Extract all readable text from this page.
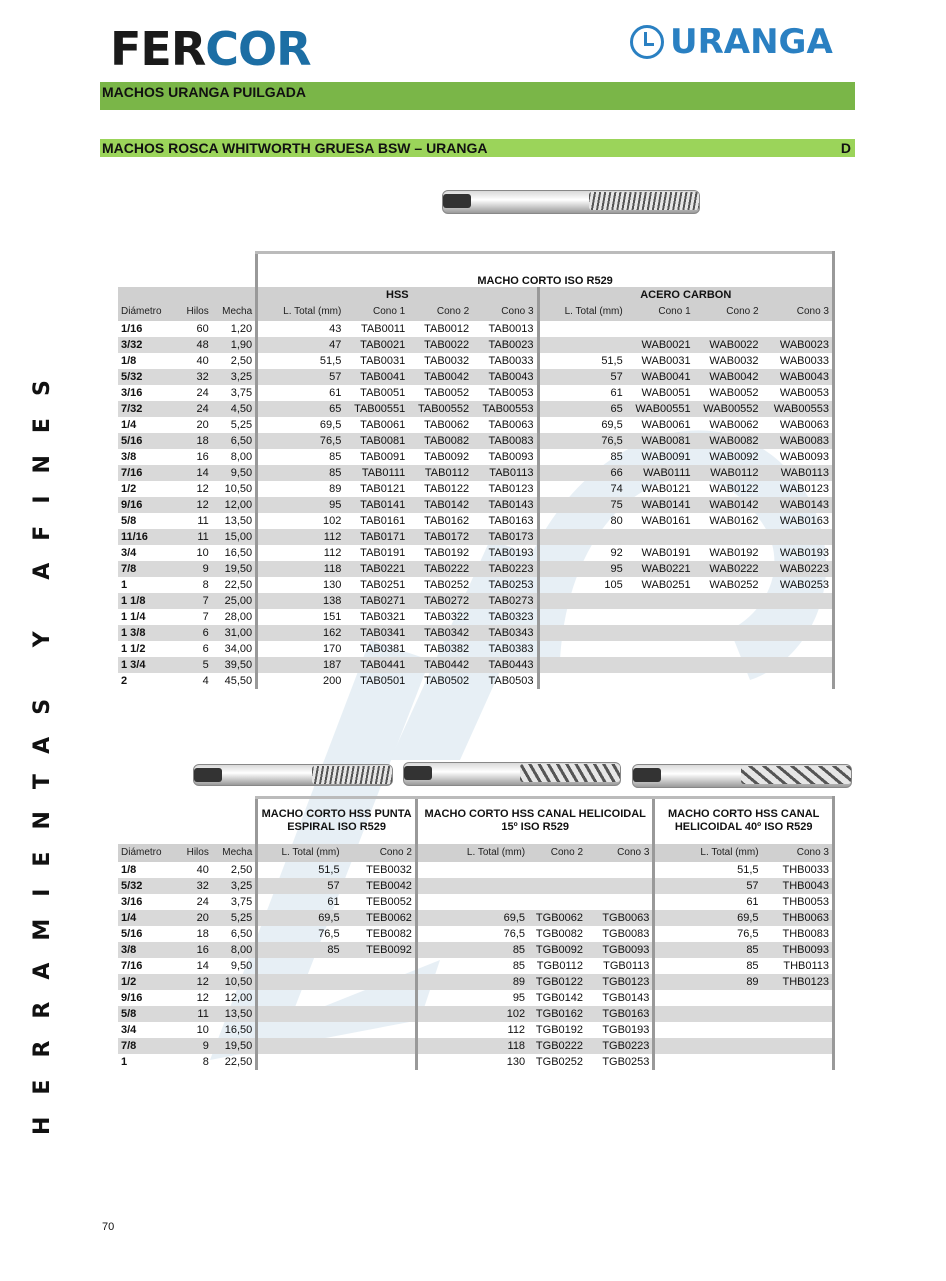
FERCOR	URANGA
MACHOS URANGA PUILGADA
MACHOS ROSCA WHITWORTH GRUESA BSW – URANGA	D
			MACHO CORTO ISO R529							
			HSS				ACERO CARBON			
Diámetro	Hilos	Mecha	L. Total (mm)	Cono 1	Cono 2	Cono 3	L. Total (mm)	Cono 1	Cono 2	Cono 3
1/16	60	1,20	43	TAB0011	TAB0012	TAB0013				
3/32	48	1,90	47	TAB0021	TAB0022	TAB0023		WAB0021	WAB0022	WAB0023
1/8	40	2,50	51,5	TAB0031	TAB0032	TAB0033	51,5	WAB0031	WAB0032	WAB0033
5/32	32	3,25	57	TAB0041	TAB0042	TAB0043	57	WAB0041	WAB0042	WAB0043
3/16	24	3,75	61	TAB0051	TAB0052	TAB0053	61	WAB0051	WAB0052	WAB0053
7/32	24	4,50	65	TAB00551	TAB00552	TAB00553	65	WAB00551	WAB00552	WAB00553
1/4	20	5,25	69,5	TAB0061	TAB0062	TAB0063	69,5	WAB0061	WAB0062	WAB0063
5/16	18	6,50	76,5	TAB0081	TAB0082	TAB0083	76,5	WAB0081	WAB0082	WAB0083
3/8	16	8,00	85	TAB0091	TAB0092	TAB0093	85	WAB0091	WAB0092	WAB0093
7/16	14	9,50	85	TAB0111	TAB0112	TAB0113	66	WAB0111	WAB0112	WAB0113
1/2	12	10,50	89	TAB0121	TAB0122	TAB0123	74	WAB0121	WAB0122	WAB0123
9/16	12	12,00	95	TAB0141	TAB0142	TAB0143	75	WAB0141	WAB0142	WAB0143
5/8	11	13,50	102	TAB0161	TAB0162	TAB0163	80	WAB0161	WAB0162	WAB0163
11/16	11	15,00	112	TAB0171	TAB0172	TAB0173				
3/4	10	16,50	112	TAB0191	TAB0192	TAB0193	92	WAB0191	WAB0192	WAB0193
7/8	9	19,50	118	TAB0221	TAB0222	TAB0223	95	WAB0221	WAB0222	WAB0223
1	8	22,50	130	TAB0251	TAB0252	TAB0253	105	WAB0251	WAB0252	WAB0253
1 1/8	7	25,00	138	TAB0271	TAB0272	TAB0273				
1 1/4	7	28,00	151	TAB0321	TAB0322	TAB0323				
1 3/8	6	31,00	162	TAB0341	TAB0342	TAB0343				
1 1/2	6	34,00	170	TAB0381	TAB0382	TAB0383				
1 3/4	5	39,50	187	TAB0441	TAB0442	TAB0443				
2	4	45,50	200	TAB0501	TAB0502	TAB0503				
			MACHO CORTO HSS PUNTA ESPIRAL ISO R529		MACHO CORTO HSS CANAL HELICOIDAL 15º ISO R529			MACHO CORTO HSS CANAL HELICOIDAL 40º ISO R529	
Diámetro	Hilos	Mecha	L. Total (mm)	Cono 2	L. Total (mm)	Cono 2	Cono 3	L. Total (mm)	Cono 3
1/8	40	2,50	51,5	TEB0032				51,5	THB0033
5/32	32	3,25	57	TEB0042				57	THB0043
3/16	24	3,75	61	TEB0052				61	THB0053
1/4	20	5,25	69,5	TEB0062	69,5	TGB0062	TGB0063	69,5	THB0063
5/16	18	6,50	76,5	TEB0082	76,5	TGB0082	TGB0083	76,5	THB0083
3/8	16	8,00	85	TEB0092	85	TGB0092	TGB0093	85	THB0093
7/16	14	9,50			85	TGB0112	TGB0113	85	THB0113
1/2	12	10,50			89	TGB0122	TGB0123	89	THB0123
9/16	12	12,00			95	TGB0142	TGB0143		
5/8	11	13,50			102	TGB0162	TGB0163		
3/4	10	16,50			112	TGB0192	TGB0193		
7/8	9	19,50			118	TGB0222	TGB0223		
1	8	22,50			130	TGB0252	TGB0253		
HERRAMIENTAS Y AFINES
70
